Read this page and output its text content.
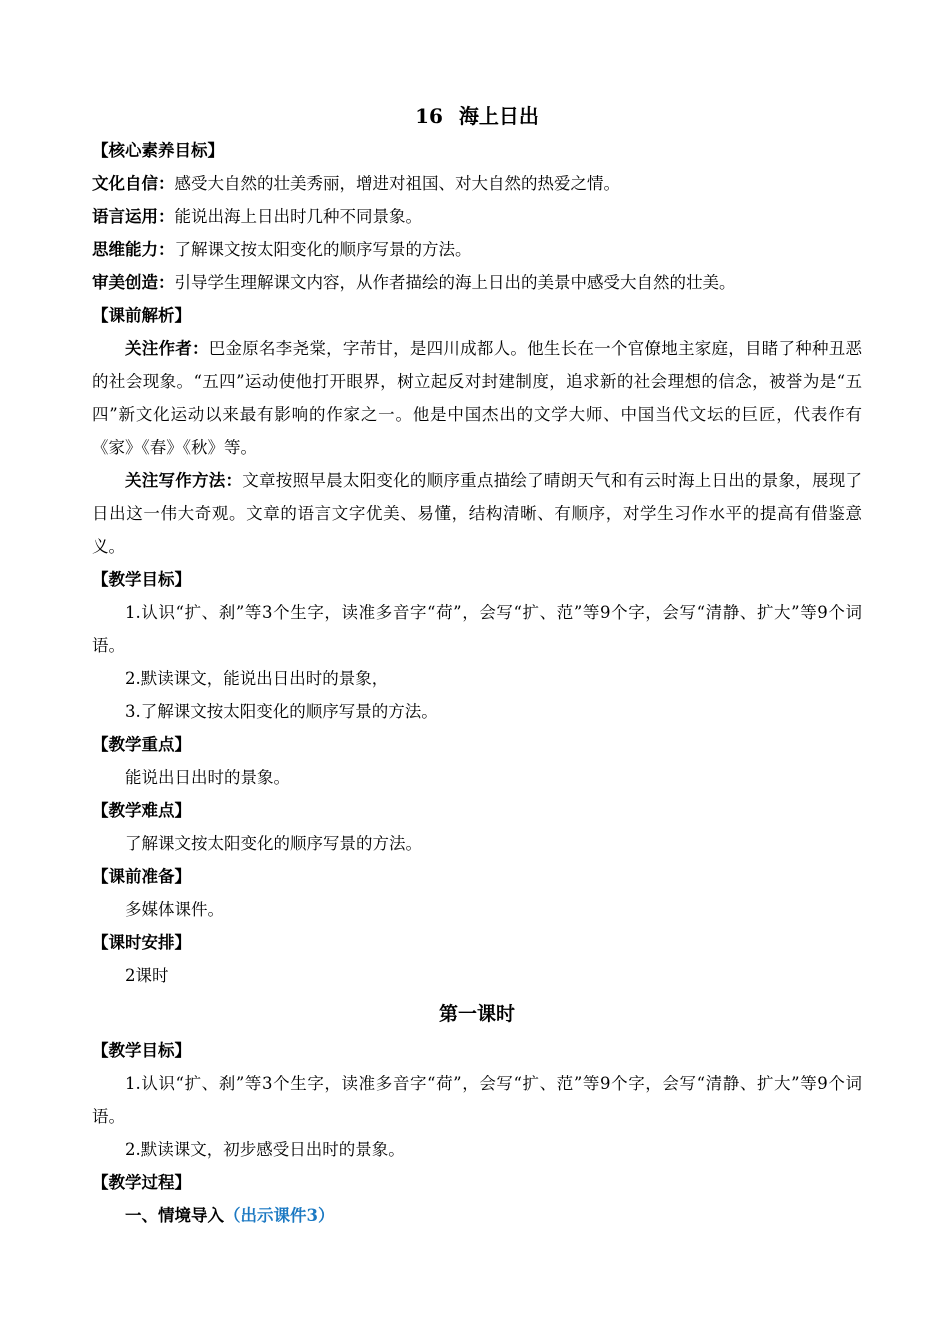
16 海上日出
【核心素养目标】
文化自信：感受大自然的壮美秀丽，增进对祖国、对大自然的热爱之情。
语言运用：能说出海上日出时几种不同景象。
思维能力：了解课文按太阳变化的顺序写景的方法。
审美创造：引导学生理解课文内容，从作者描绘的海上日出的美景中感受大自然的壮美。
【课前解析】
关注作者：巴金原名李尧棠，字芾甘，是四川成都人。他生长在一个官僚地主家庭，目睹了种种丑恶的社会现象。“五四”运动使他打开眼界，树立起反对封建制度，追求新的社会理想的信念，被誉为是“五四”新文化运动以来最有影响的作家之一。他是中国杰出的文学大师、中国当代文坛的巨匠，代表作有《家》《春》《秋》等。
关注写作方法：文章按照早晨太阳变化的顺序重点描绘了晴朗天气和有云时海上日出的景象，展现了日出这一伟大奇观。文章的语言文字优美、易懂，结构清晰、有顺序，对学生习作水平的提高有借鉴意义。
【教学目标】
1.认识“扩、刹”等3个生字，读准多音字“荷”，会写“扩、范”等9个字，会写“清静、扩大”等9个词语。
2.默读课文，能说出日出时的景象，
3.了解课文按太阳变化的顺序写景的方法。
【教学重点】
能说出日出时的景象。
【教学难点】
了解课文按太阳变化的顺序写景的方法。
【课前准备】
多媒体课件。
【课时安排】
2课时
第一课时
【教学目标】
1.认识“扩、刹”等3个生字，读准多音字“荷”，会写“扩、范”等9个字，会写“清静、扩大”等9个词语。
2.默读课文，初步感受日出时的景象。
【教学过程】
一、情境导入（出示课件3）
